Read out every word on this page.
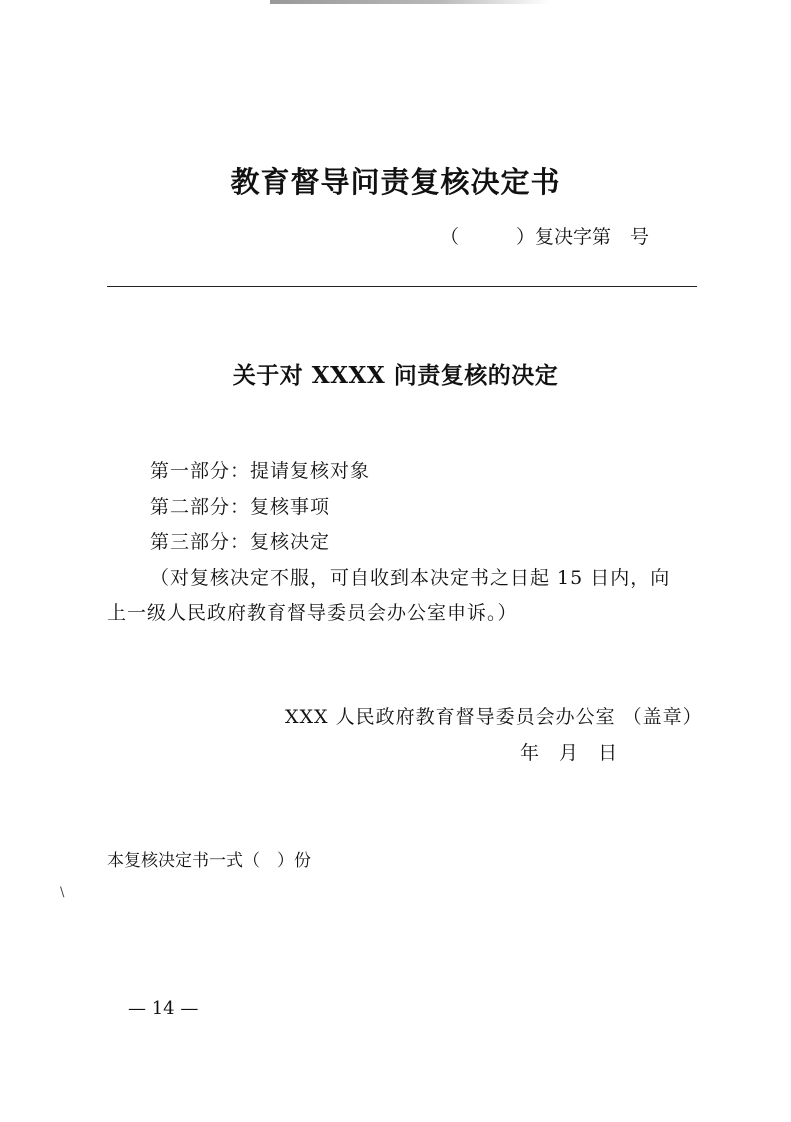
教育督导问责复核决定书
（　　　）复决字第　号
关于对 XXXX 问责复核的决定
第一部分：提请复核对象
第二部分：复核事项
第三部分：复核决定
（对复核决定不服，可自收到本决定书之日起 15 日内，向
上一级人民政府教育督导委员会办公室申诉。）
XXX 人民政府教育督导委员会办公室 （盖章）
年 月 日
本复核决定书一式（　）份
\
— 14 —
